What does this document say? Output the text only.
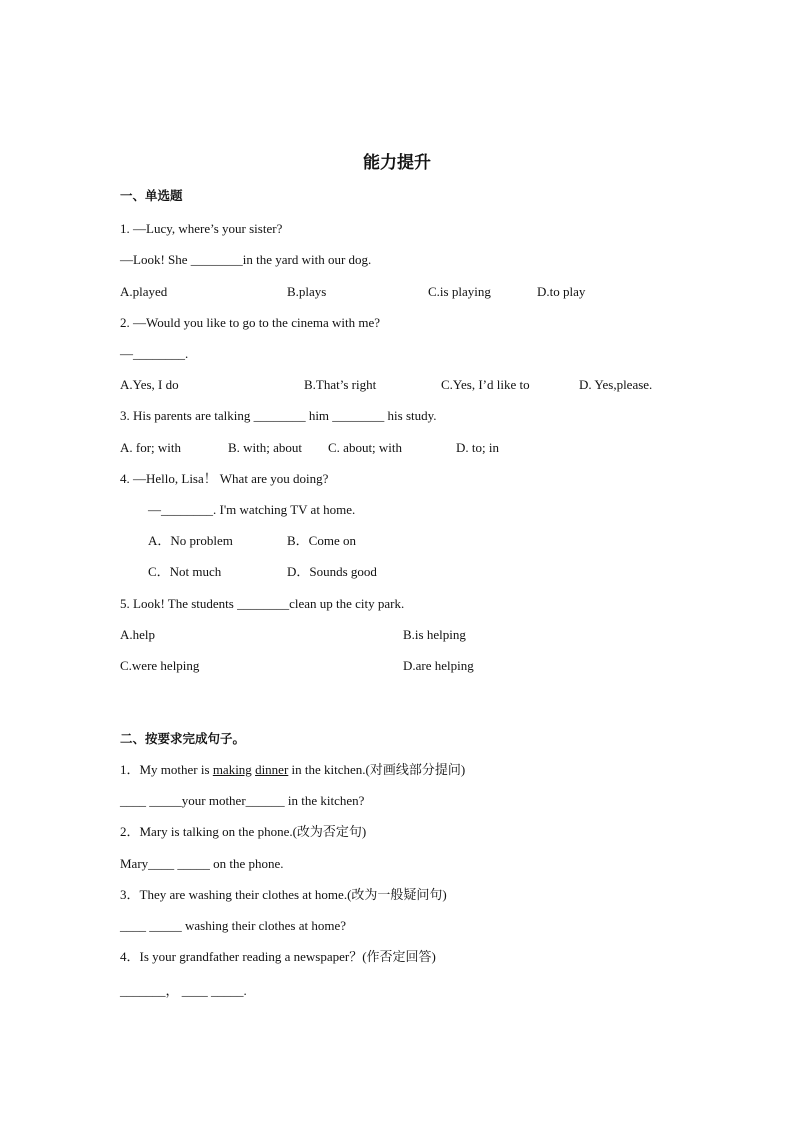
能力提升
一、单选题
1. —Lucy, where’s your sister?
—Look! She ________in the yard with our dog.
A.played	B.plays	C.is playing	D.to play
2. —Would you like to go to the cinema with me?
—________.
A.Yes, I do	B.That’s right	C.Yes, I’d like to	D. Yes,please.
3. His parents are talking ________ him ________ his study.
A. for; with	B. with; about C. about; with	D. to; in
4. —Hello, Lisa！ What are you doing?
—________. I'm watching TV at home.
A．No problem	B．Come on
C．Not much	D．Sounds good
5. Look! The students ________clean up the city park.
A.help	B.is helping
C.were helping	D.are helping
二、按要求完成句子。
1．My mother is making dinner in the kitchen.(对画线部分提问)
____ _____your mother______ in the kitchen?
2．Mary is talking on the phone.(改为否定句)
Mary____ _____ on the phone.
3．They are washing their clothes at home.(改为一般疑问句)
____ _____ washing their clothes at home?
4．Is your grandfather reading a newspaper？(作否定回答)
_______， ____ _____.
